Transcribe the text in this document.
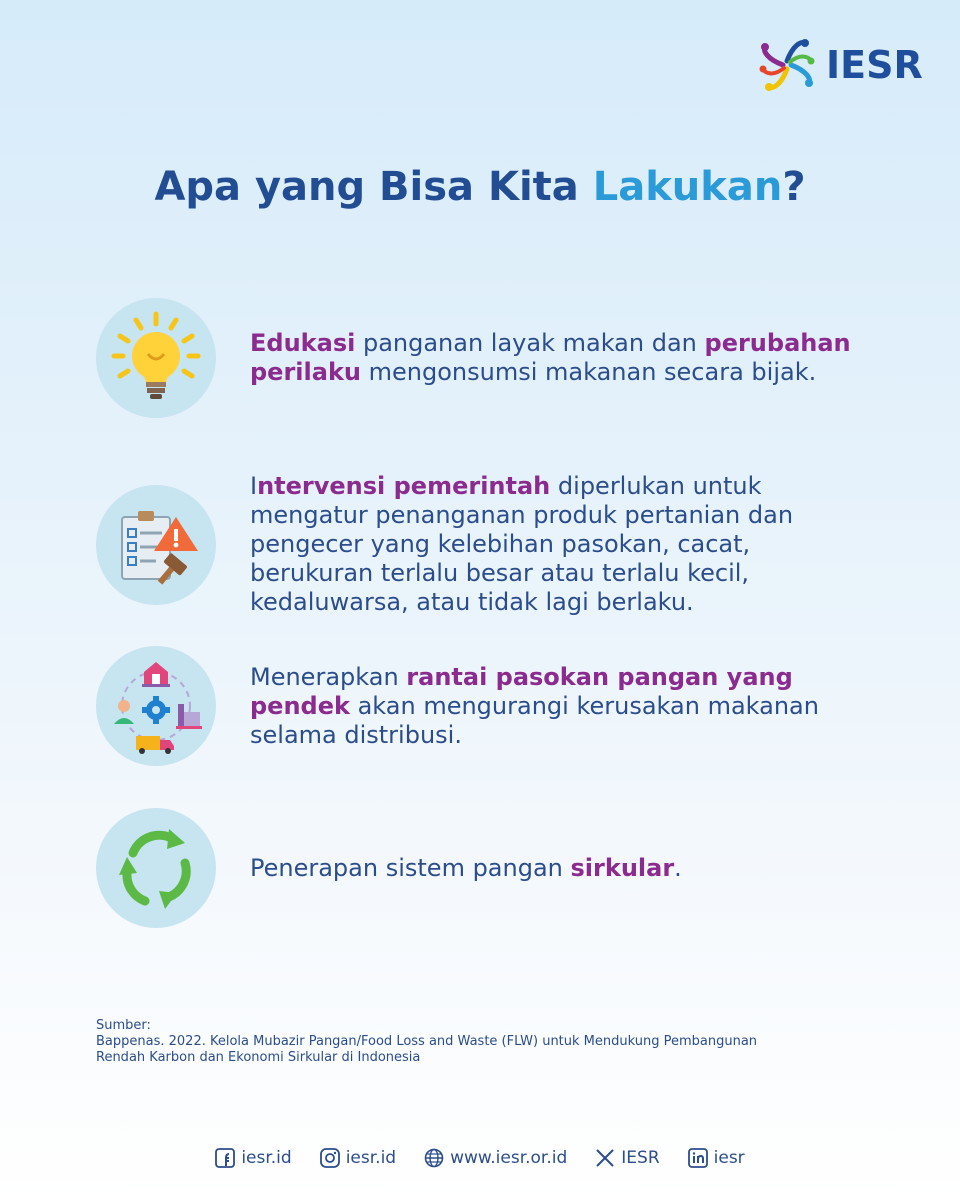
IESR
Apa yang Bisa Kita Lakukan?

Edukasi panganan layak makan dan perubahan perilaku mengonsumsi makanan secara bijak.

Intervensi pemerintah diperlukan untuk mengatur penanganan produk pertanian dan pengecer yang kelebihan pasokan, cacat, berukuran terlalu besar atau terlalu kecil, kedaluwarsa, atau tidak lagi berlaku.

Menerapkan rantai pasokan pangan yang pendek akan mengurangi kerusakan makanan selama distribusi.

Penerapan sistem pangan sirkular.

Sumber:
Bappenas. 2022. Kelola Mubazir Pangan/Food Loss and Waste (FLW) untuk Mendukung Pembangunan Rendah Karbon dan Ekonomi Sirkular di Indonesia
iesr.id	iesr.id	www.iesr.or.id	IESR	iesr
